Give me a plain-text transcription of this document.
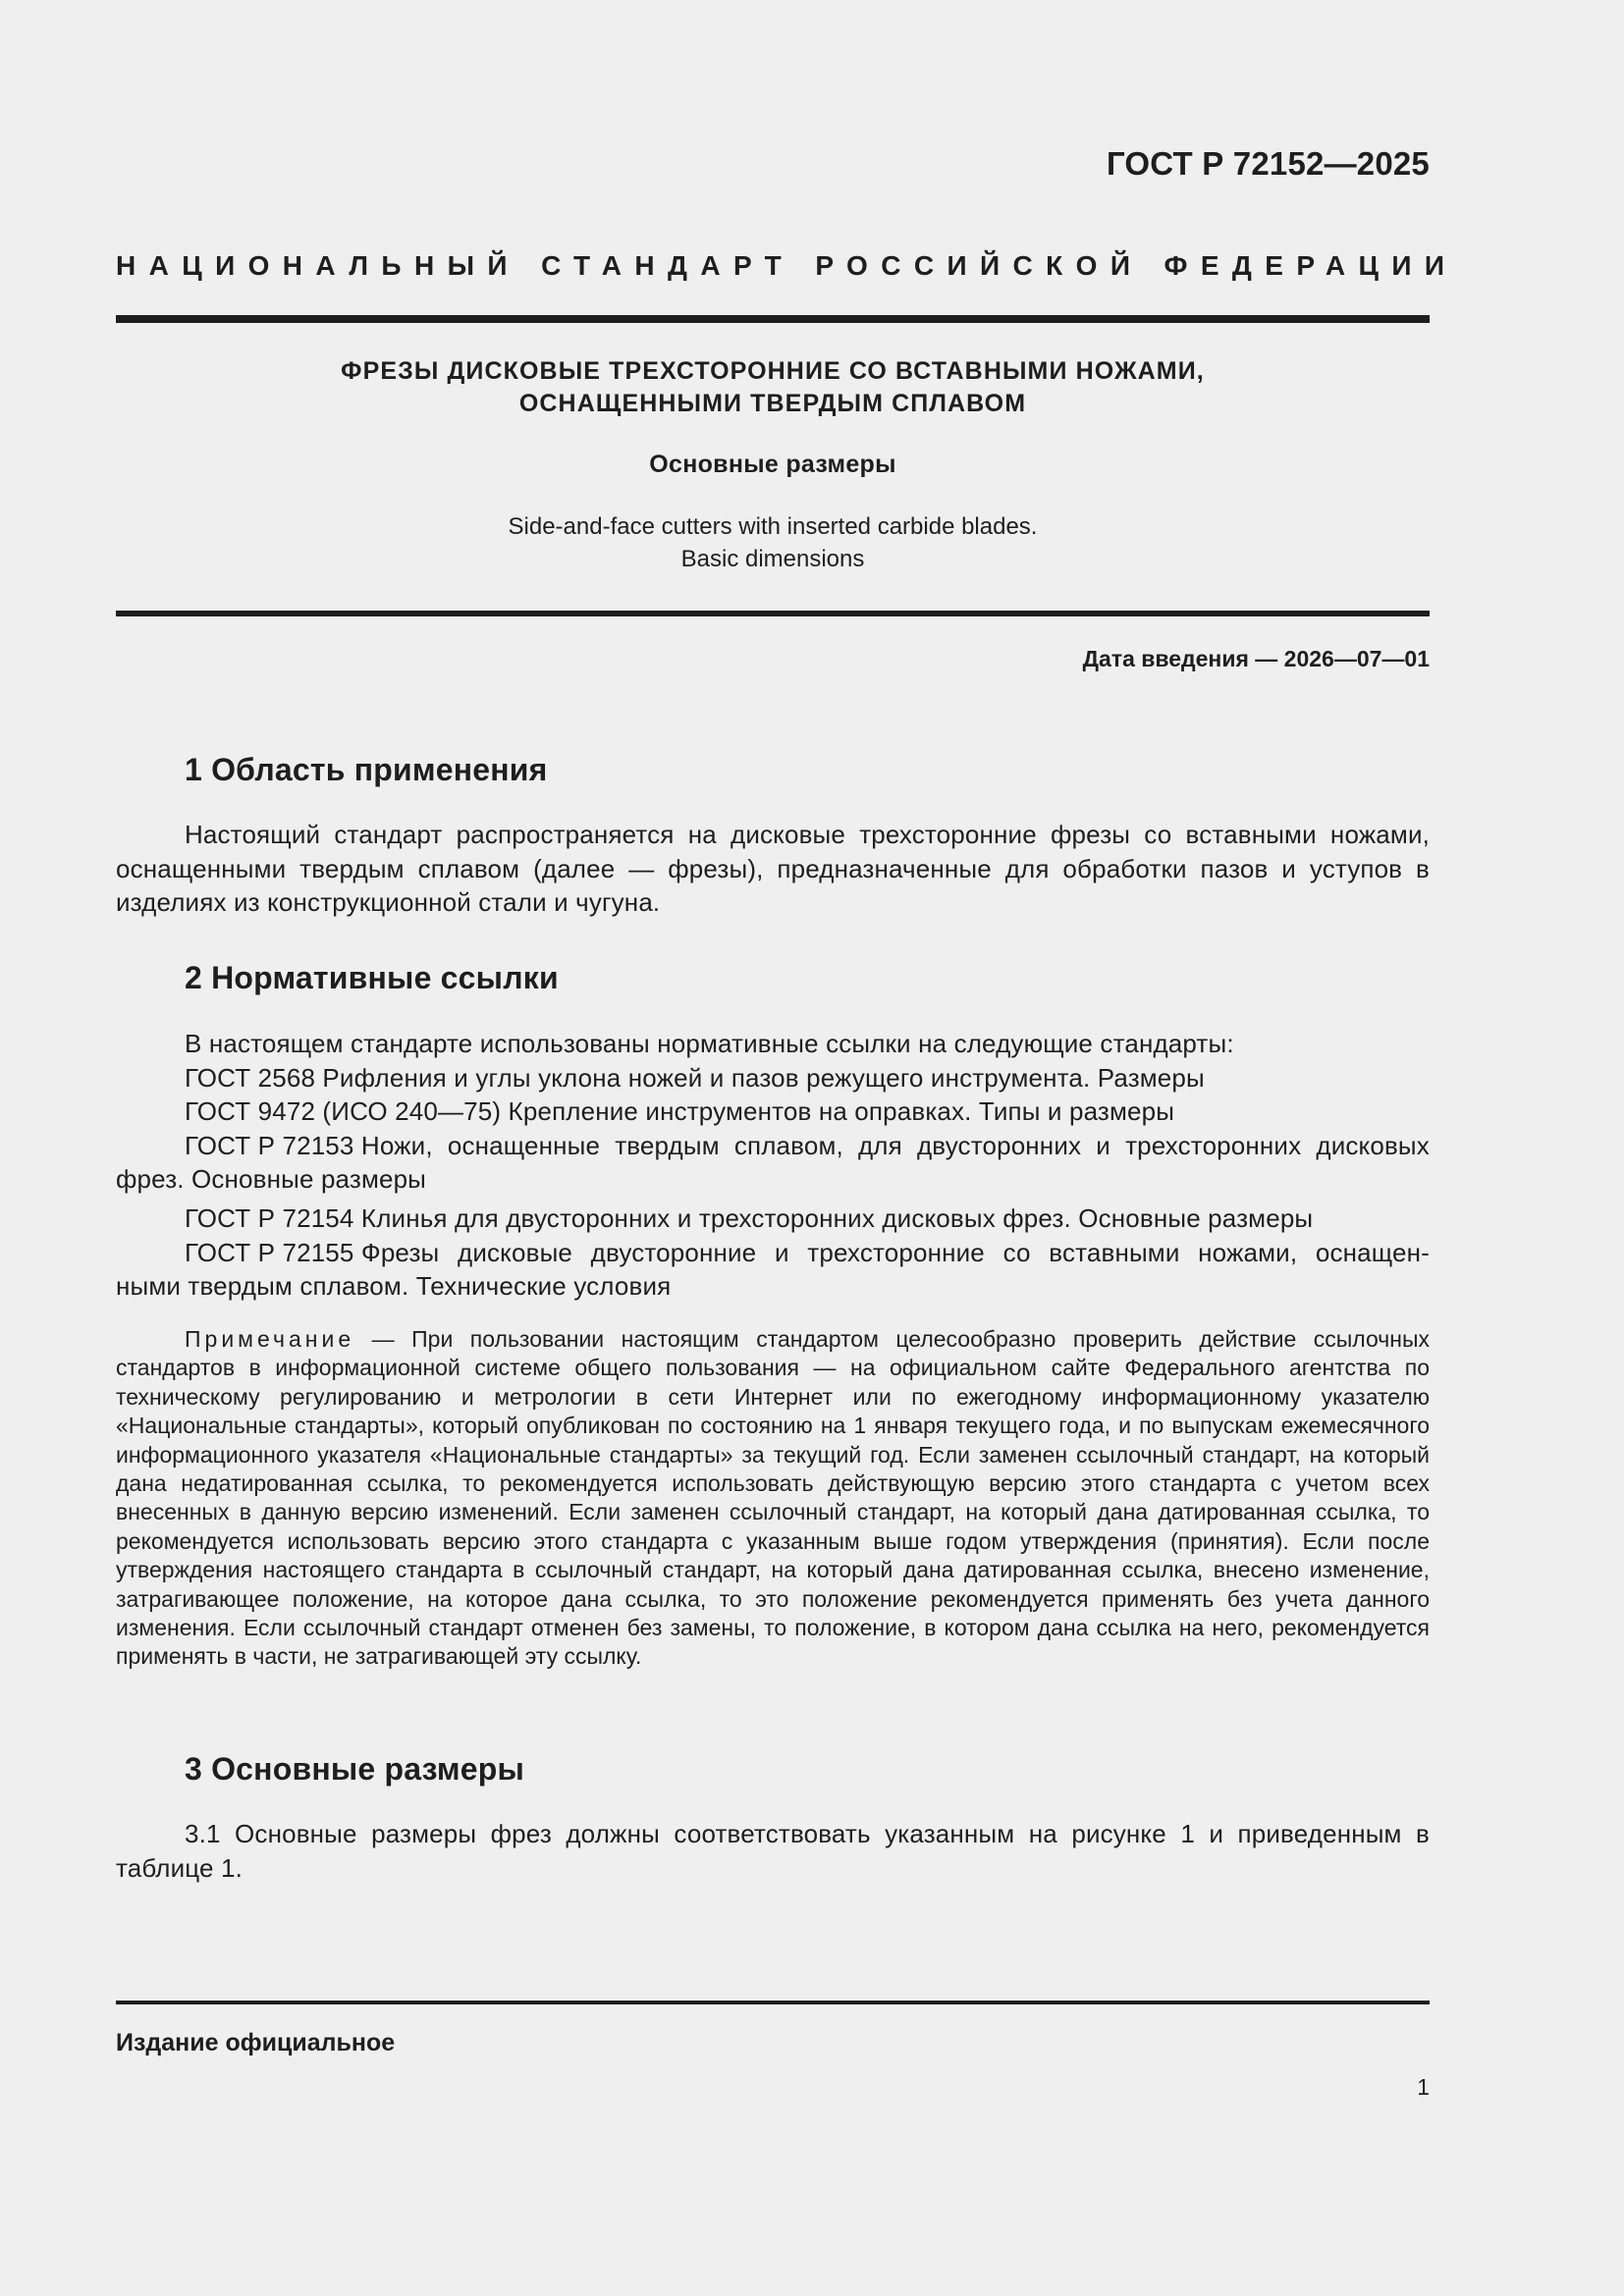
ГОСТ Р 72152—2025
НАЦИОНАЛЬНЫЙ СТАНДАРТ РОССИЙСКОЙ ФЕДЕРАЦИИ
ФРЕЗЫ ДИСКОВЫЕ ТРЕХСТОРОННИЕ СО ВСТАВНЫМИ НОЖАМИ,
ОСНАЩЕННЫМИ ТВЕРДЫМ СПЛАВОМ
Основные размеры
Side-and-face cutters with inserted carbide blades.
Basic dimensions
Дата введения — 2026—07—01
1 Область применения
Настоящий стандарт распространяется на дисковые трехсторонние фрезы со вставными ножами, оснащенными твердым сплавом (далее — фрезы), предназначенные для обработки пазов и уступов в изделиях из конструкционной стали и чугуна.
2 Нормативные ссылки
В настоящем стандарте использованы нормативные ссылки на следующие стандарты:
ГОСТ 2568 Рифления и углы уклона ножей и пазов режущего инструмента. Размеры
ГОСТ 9472 (ИСО 240—75) Крепление инструментов на оправках. Типы и размеры
ГОСТ Р 72153 Ножи, оснащенные твердым сплавом, для двусторонних и трехсторонних дисковых
фрез. Основные размеры
ГОСТ Р 72154 Клинья для двусторонних и трехсторонних дисковых фрез. Основные размеры
ГОСТ Р 72155 Фрезы дисковые двусторонние и трехсторонние со вставными ножами, оснащен-
ными твердым сплавом. Технические условия
Примечание — При пользовании настоящим стандартом целесообразно проверить действие ссылочных стандартов в информационной системе общего пользования — на официальном сайте Федерального агентства по техническому регулированию и метрологии в сети Интернет или по ежегодному информационному указателю «Национальные стандарты», который опубликован по состоянию на 1 января текущего года, и по выпускам ежемесячного информационного указателя «Национальные стандарты» за текущий год. Если заменен ссылочный стандарт, на который дана недатированная ссылка, то рекомендуется использовать действующую версию этого стандарта с учетом всех внесенных в данную версию изменений. Если заменен ссылочный стандарт, на который дана датированная ссылка, то рекомендуется использовать версию этого стандарта с указанным выше годом утверждения (принятия). Если после утверждения настоящего стандарта в ссылочный стандарт, на который дана датированная ссылка, внесено изменение, затрагивающее положение, на которое дана ссылка, то это положение рекомендуется применять без учета данного изменения. Если ссылочный стандарт отменен без замены, то положение, в котором дана ссылка на него, рекомендуется применять в части, не затрагивающей эту ссылку.
3 Основные размеры
3.1 Основные размеры фрез должны соответствовать указанным на рисунке 1 и приведенным в таблице 1.
Издание официальное
1
